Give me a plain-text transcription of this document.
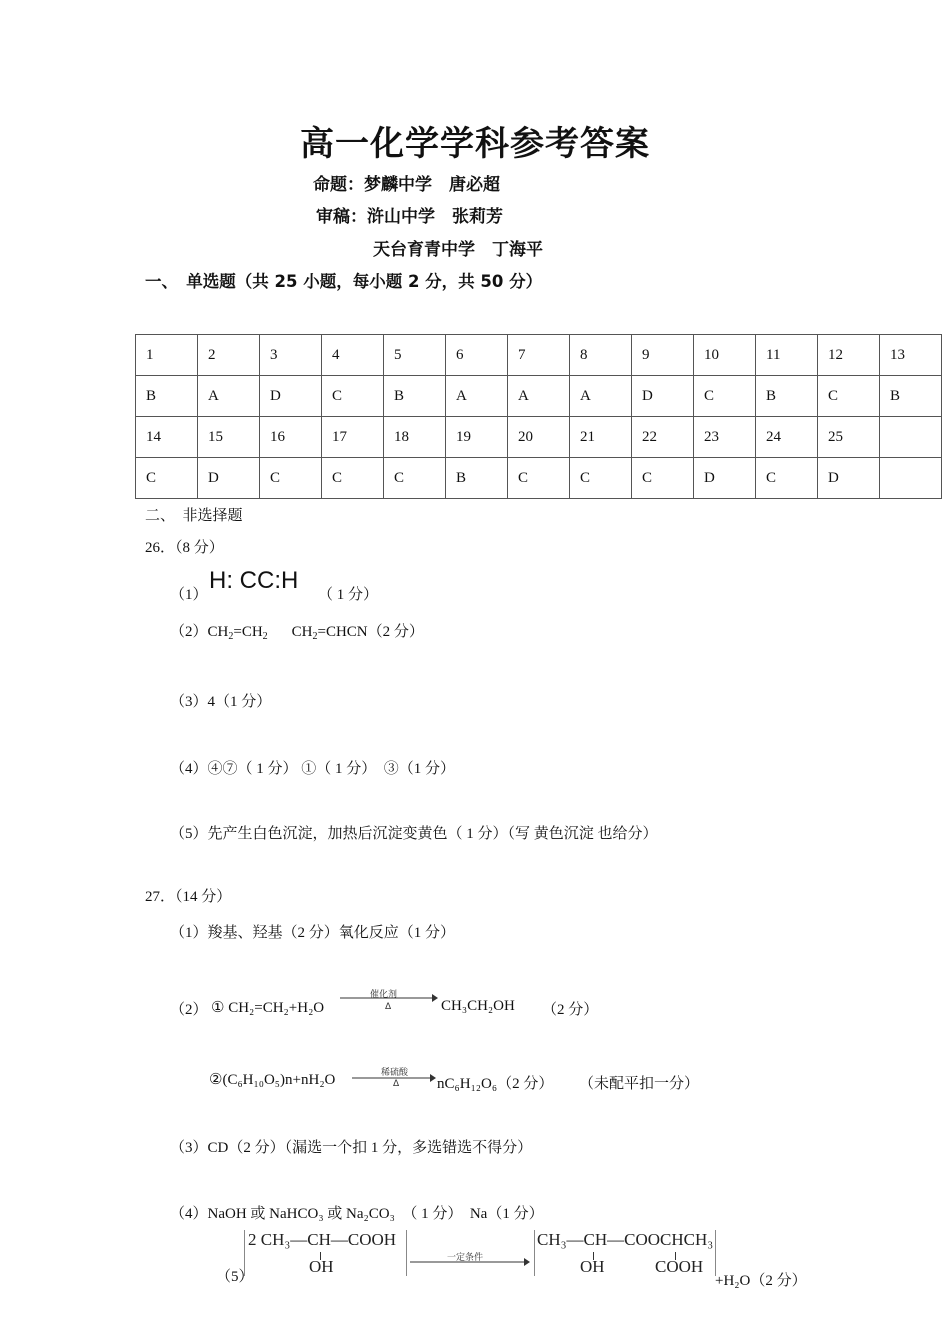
高一化学学科参考答案
命题：梦麟中学　唐必超
审稿：浒山中学　张莉芳
天台育青中学　丁海平
一、　单选题（共 25 小题，每小题 2 分，共 50 分）
1	2	3	4	5	6	7	8	9	10	11	12	13
B	A	D	C	B	A	A	A	D	C	B	C	B
14	15	16	17	18	19	20	21	22	23	24	25	
C	D	C	C	C	B	C	C	C	D	C	D	
二、　非选择题
26．（8 分）
（1）
H: CC:H
（ 1 分）
$(2)CH_2=CH_2$ $CH_2=CHCN(2$ 分）
（3）4（1 分）
（4）④⑦（ 1 分） ①（ 1 分）　③（1 分）
（5）先产生白色沉淀，加热后沉淀变黄色（ 1 分）（写 黄色沉淀 也给分）
27．（14 分）
（1）羧基、羟基（2 分）氧化反应（1 分）
（2） ① CH₂=CH₂+H₂O
催化剂
Δ	CH₃CH₂OH （2 分）
②(C₆H₁₀O₅)n+nH₂O	稀硫酸
Δ	nC₆H₁₂O₆（2 分） （未配平扣一分）
（3）CD（2 分）（漏选一个扣 1 分，多选错选不得分）
（4）NaOH 或 NaHCO₃ 或 Na₂CO₃　（ 1 分）　Na（1 分）
（5）
2 CH₃—CH—COOH
OH	一定条件
CH₃—CH—COOCHCH₃
OH	COOH
+H₂O（2 分）
